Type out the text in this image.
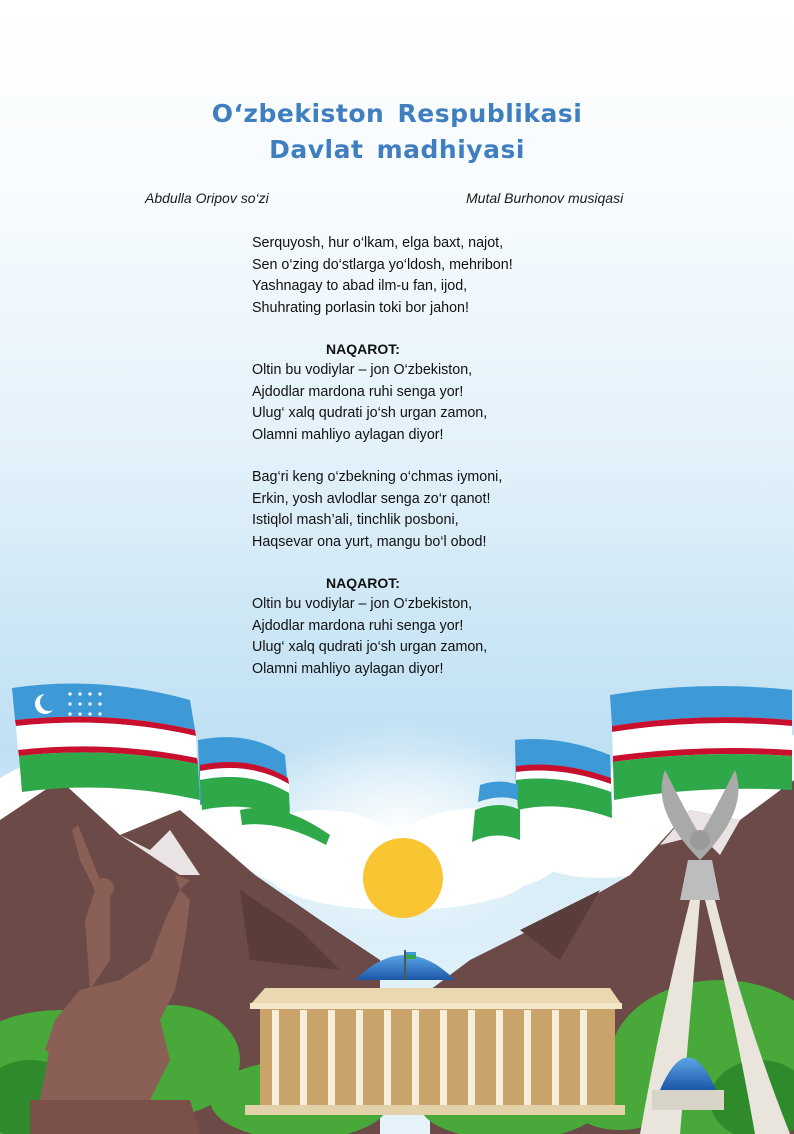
O‘zbekiston Respublikasi
Davlat madhiyasi
Abdulla Oripov so‘zi	Mutal Burhonov musiqasi
Serquyosh, hur o‘lkam, elga baxt, najot,
Sen o‘zing do‘stlarga yo‘ldosh, mehribon!
Yashnagay to abad ilm-u fan, ijod,
Shuhrating porlasin toki bor jahon!
NAQAROT:
Oltin bu vodiylar – jon O‘zbekiston,
Ajdodlar mardona ruhi senga yor!
Ulug‘ xalq qudrati jo‘sh urgan zamon,
Olamni mahliyo aylagan diyor!
Bag‘ri keng o‘zbekning o‘chmas iymoni,
Erkin, yosh avlodlar senga zo‘r qanot!
Istiqlol mash’ali, tinchlik posboni,
Haqsevar ona yurt, mangu bo‘l obod!
NAQAROT:
Oltin bu vodiylar – jon O‘zbekiston,
Ajdodlar mardona ruhi senga yor!
Ulug‘ xalq qudrati jo‘sh urgan zamon,
Olamni mahliyo aylagan diyor!
